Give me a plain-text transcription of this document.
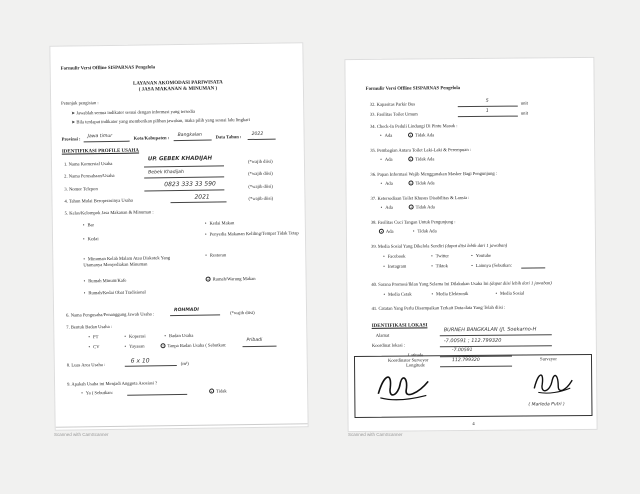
Formulir Versi Offline SISPARNAS Pengelola
LAYANAN AKOMODASI PARIWISATA
( JASA MAKANAN & MINUMAN )
Petunjuk pengisian :
➤ Jawablah semua indikator sesuai dengan informasi yang tersedia
➤ Bila terdapat indikator yang memberikan pilihan jawaban, maka pilih yang sesuai lalu lingkari
Provinsi : Jawa timur	Kota/Kabupaten : Bangkalan	Data Tahun : 2022
IDENTIFIKASI PROFILE USAHA
1. Nama Komersial Usaha
UP. GEBEK KHADIJAH	(*wajib diisi)
2. Nama Perusahaan/Usaha
Bebek Khadijah	(*wajib diisi)
3. Nomor Telepon
0823 333 33 590	(*wajib diisi)
4. Tahun Mulai Beroperasinya Usaha	2021	(*wajib diisi)
5. Kelas/Kelompok Jasa Makanan & Minuman :
• Bar
• Kedai
• Minuman Kelab Malam Atau Diskotek Yang Utamanya Menyediakan Minuman
• Rumah Minum/Kafe
• Rumah/Kedai Obat Tradisional
• Kedai Makan
• Penyedia Makanan Keliling/Tempat Tidak Tetap
• Restoran
• Rumah/Warung Makan
6. Nama Pengusaha/Penanggung Jawab Usaha :
ROHMADI	(*wajib diisi)
7. Bentuk Badan Usaha :
• PT	• Koperasi	• Badan Usaha
• CV	• Yayasan	• Tanpa Badan Usaha ( Sebutkan:
Pribadi
8. Luas Area Usaha :
6 x 10	(m²)
9. Apakah Usaha ini Menjadi Anggota Asosiasi ?
• Ya ( Sebutkan:	• Tidak
Scanned with CamScanner
Formulir Versi Offline SISPARNAS Pengelola
32. Kapasitas Parkir Bus
5	unit
33. Fasilitas Toilet Umum
1	unit
34. Check-In Peduli Lindungi Di Pintu Masuk :
• Ada	• Tidak Ada
35. Pembagian Antara Toilet Laki-Laki & Perempuan :
• Ada	• Tidak Ada
36. Papan Informasi Wajib Menggunakan Masker Bagi Pengunjung :
• Ada	• Tidak Ada
37. Ketersediaan Toilet Khusus Disabilitas & Lansia :
• Ada	• Tidak Ada
38. Fasilitas Cuci Tangan Untuk Pengunjung :
• Ada	• Tidak Ada
39. Media Sosial Yang Dikelola Sendiri (dapat diisi lebih dari 1 jawaban)
• Facebook	• Twitter	• Youtube
• Instagram	• Tiktok	• Lainnya (Sebutkan:
40. Sarana Promosi/Iklan Yang Selama Ini Dilakukan Usaha Ini (dapat diisi lebih dari 1 jawaban)
• Media Cetak	• Media Elektronik	• Media Sosial
41. Catatan Yang Perlu Disampaikan Terkait Data-data Yang Telah diisi :
IDENTIFIKASI LOKASI
Alamat
BURNEH BANGKALAN (Jl. Soekarno-H
Koordinat lokasi :
-7.00591 ; 112.799320
Latitude
-7.00591
Longitude
112.799320
Koordinator Surveyor	Surveyor
( Marleda Putri )
4
Scanned with CamScanner
